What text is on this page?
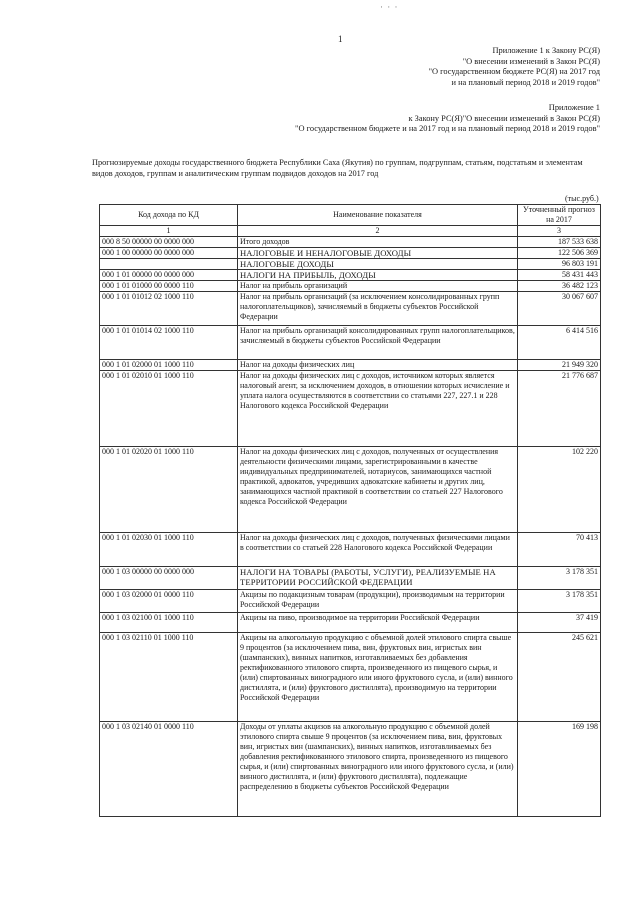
· · ·
1
Приложение 1 к Закону РС(Я)
"О внесении изменений в Закон РС(Я)
"О государственном бюджете РС(Я) на 2017 год
и на плановый период 2018 и 2019 годов"
Приложение 1
к Закону РС(Я)"О внесении изменений в Закон РС(Я)
"О государственном бюджете и на 2017 год и на плановый период 2018 и 2019 годов"
Прогнозируемые доходы государственного бюджета Республики Саха (Якутия) по группам, подгруппам, статьям, подстатьям и элементам видов доходов, группам и аналитическим группам подвидов доходов на 2017 год
(тыс.руб.)
Код дохода по КД	Наименование показателя	Уточненный прогноз на 2017
1	2	3
000 8 50 00000 00 0000 000	Итого доходов	187 533 638
000 1 00 00000 00 0000 000	НАЛОГОВЫЕ И НЕНАЛОГОВЫЕ ДОХОДЫ	122 506 369
	НАЛОГОВЫЕ ДОХОДЫ	96 803 191
000 1 01 00000 00 0000 000	НАЛОГИ НА ПРИБЫЛЬ, ДОХОДЫ	58 431 443
000 1 01 01000 00 0000 110	Налог на прибыль организаций	36 482 123
000 1 01 01012 02 1000 110	Налог на прибыль организаций (за исключением консолидированных групп налогоплательщиков), зачисляемый в бюджеты субъектов Российской Федерации	30 067 607
000 1 01 01014 02 1000 110	Налог на прибыль организаций консолидированных групп налогоплательщиков, зачисляемый в бюджеты субъектов Российской Федерации	6 414 516
000 1 01 02000 01 1000 110	Налог на доходы физических лиц	21 949 320
000 1 01 02010 01 1000 110	Налог на доходы физических лиц с доходов, источником которых является налоговый агент, за исключением доходов, в отношении которых исчисление и уплата налога осуществляются в соответствии со статьями 227, 227.1 и 228 Налогового кодекса Российской Федерации	21 776 687
000 1 01 02020 01 1000 110	Налог на доходы физических лиц с доходов, полученных от осуществления деятельности физическими лицами, зарегистрированными в качестве индивидуальных предпринимателей, нотариусов, занимающихся частной практикой, адвокатов, учредивших адвокатские кабинеты и других лиц, занимающихся частной практикой в соответствии со статьей 227 Налогового кодекса Российской Федерации	102 220
000 1 01 02030 01 1000 110	Налог на доходы физических лиц с доходов, полученных физическими лицами в соответствии со статьей 228 Налогового кодекса Российской Федерации	70 413
000 1 03 00000 00 0000 000	НАЛОГИ НА ТОВАРЫ (РАБОТЫ, УСЛУГИ), РЕАЛИЗУЕМЫЕ НА ТЕРРИТОРИИ РОССИЙСКОЙ ФЕДЕРАЦИИ	3 178 351
000 1 03 02000 01 0000 110	Акцизы по подакцизным товарам (продукции), производимым на территории Российской Федерации	3 178 351
000 1 03 02100 01 1000 110	Акцизы на пиво, производимое на территории Российской Федерации	37 419
000 1 03 02110 01 1000 110	Акцизы на алкогольную продукцию с объемной долей этилового спирта свыше 9 процентов (за исключением пива, вин, фруктовых вин, игристых вин (шампанских), винных напитков, изготавливаемых без добавления ректификованного этилового спирта, произведенного из пищевого сырья, и (или) спиртованных виноградного или иного фруктового сусла, и (или) винного дистиллята, и (или) фруктового дистиллята), производимую на территории Российской Федерации	245 621
000 1 03 02140 01 0000 110	Доходы от уплаты акцизов на алкогольную продукцию с объемной долей этилового спирта свыше 9 процентов (за исключением пива, вин, фруктовых вин, игристых вин (шампанских), винных напитков, изготавливаемых без добавления ректификованного этилового спирта, произведенного из пищевого сырья, и (или) спиртованных виноградного или иного фруктового сусла, и (или) винного дистиллята, и (или) фруктового дистиллята), подлежащие распределению в бюджеты субъектов Российской Федерации	169 198
